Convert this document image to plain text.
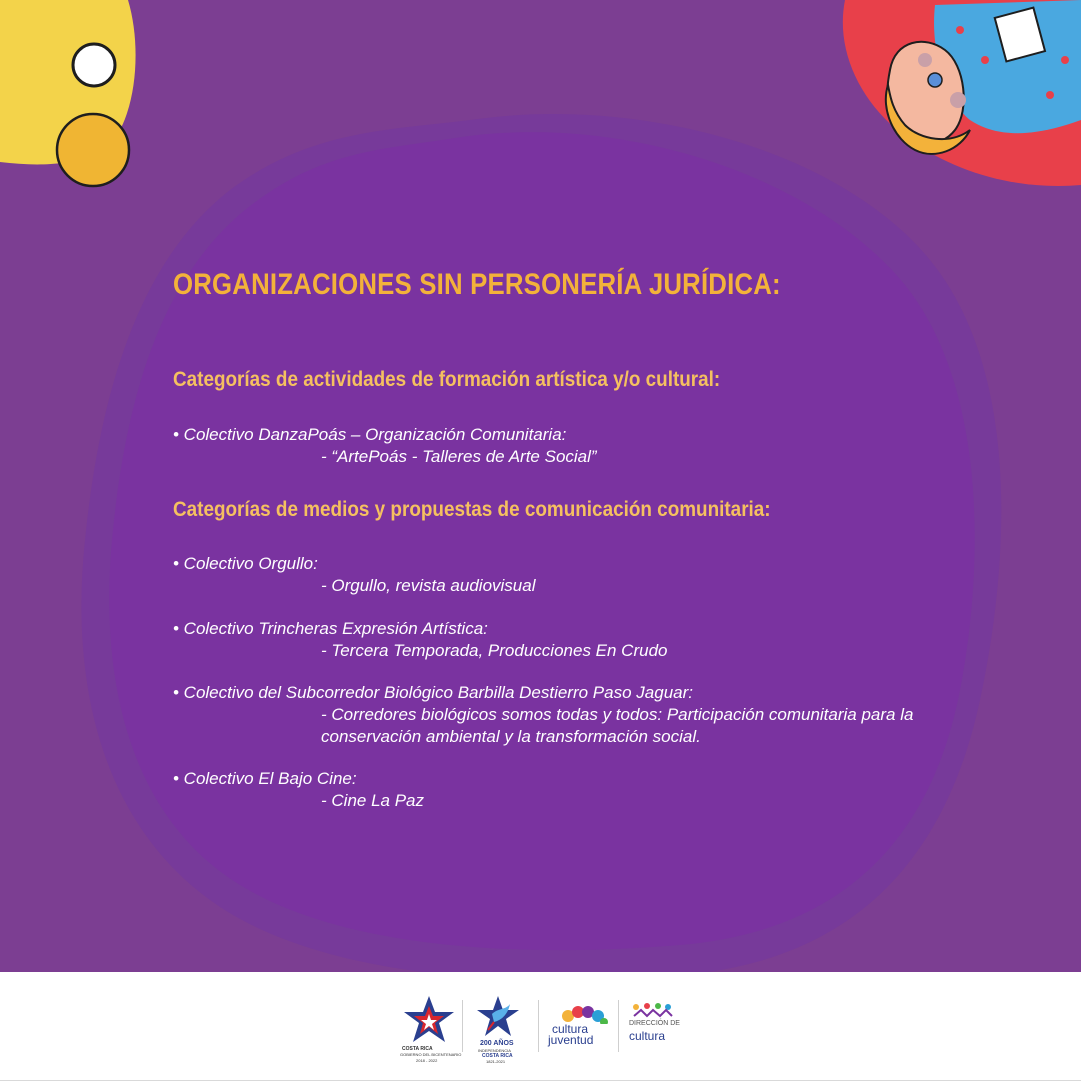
ORGANIZACIONES SIN PERSONERÍA JURÍDICA:
Categorías de actividades de formación artística y/o cultural:

• Colectivo DanzaPoás – Organización Comunitaria:

- “ArtePoás - Talleres de Arte Social”

Categorías de medios y propuestas de comunicación comunitaria:

• Colectivo Orgullo:

- Orgullo, revista audiovisual

• Colectivo Trincheras Expresión Artística:

- Tercera Temporada, Producciones En Crudo

• Colectivo del Subcorredor Biológico Barbilla Destierro Paso Jaguar:

- Corredores biológicos somos todas y todos: Participación comunitaria para la conservación ambiental y la transformación social.

• Colectivo El Bajo Cine:

- Cine La Paz

COSTA RICA
GOBIERNO DEL BICENTENARIO
2018 - 2022
200 AÑOS
INDEPENDENCIA
COSTA RICA
1821-2021
cultura
juventud
DIRECCIÓN DE
cultura
